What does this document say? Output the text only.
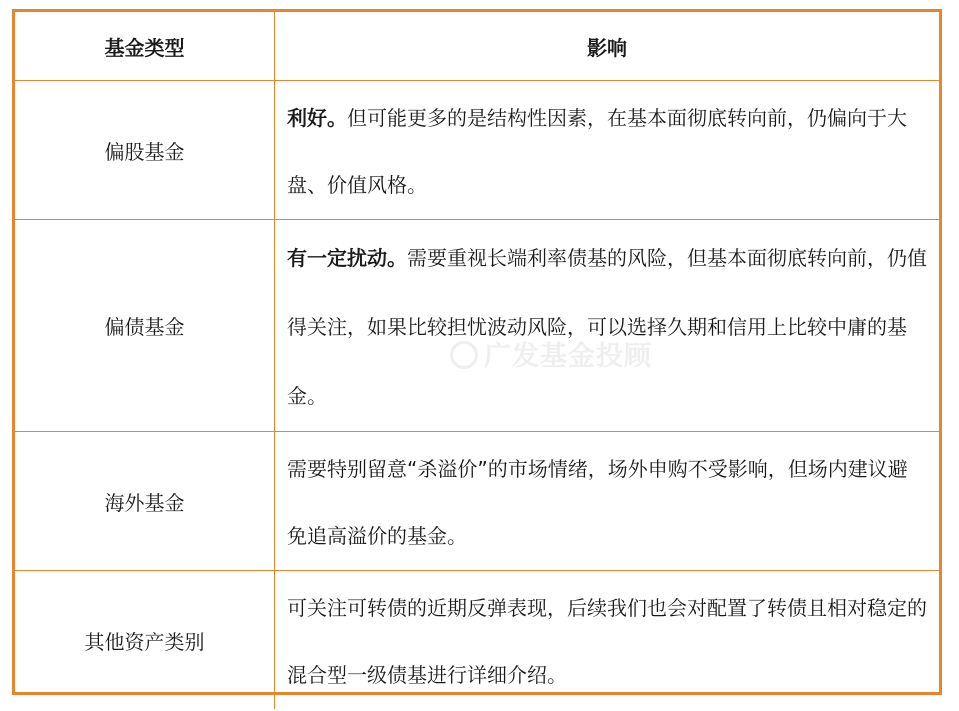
基金类型	影响
偏股基金	利好。但可能更多的是结构性因素，在基本面彻底转向前，仍偏向于大盘、价值风格。
偏债基金	有一定扰动。需要重视长端利率债基的风险，但基本面彻底转向前，仍值得关注，如果比较担忧波动风险，可以选择久期和信用上比较中庸的基金。
海外基金	需要特别留意“杀溢价”的市场情绪，场外申购不受影响，但场内建议避免追高溢价的基金。
其他资产类别	可关注可转债的近期反弹表现，后续我们也会对配置了转债且相对稳定的混合型一级债基进行详细介绍。
广发基金投顾
